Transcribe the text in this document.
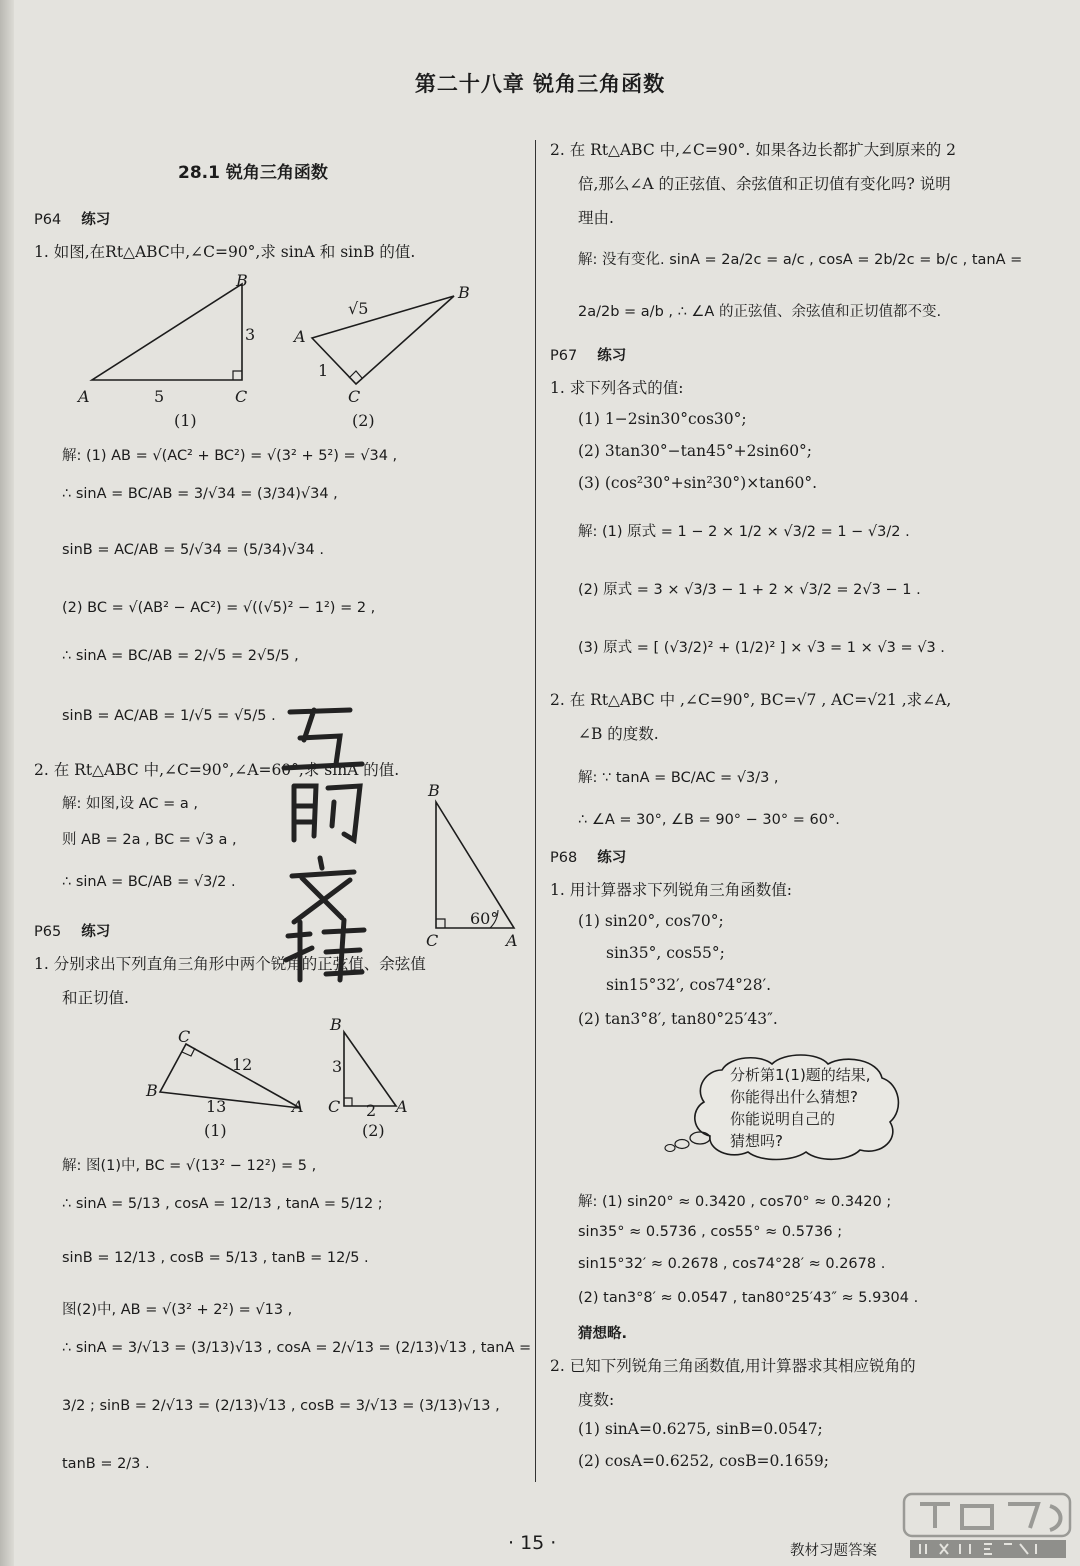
第二十八章 锐角三角函数
28.1 锐角三角函数
P64 练习
1. 如图,在Rt△ABC中,∠C=90°,求 sinA 和 sinB 的值.
B
A	C
3
5
(1)
A
B
C
√5
1
(2)
解: (1) AB = √(AC² + BC²) = √(3² + 5²) = √34 ,
∴ sinA = BC/AB = 3/√34 = (3/34)√34 ,
sinB = AC/AB = 5/√34 = (5/34)√34 .
(2) BC = √(AB² − AC²) = √((√5)² − 1²) = 2 ,
∴ sinA = BC/AB = 2/√5 = 2√5/5 ,
sinB = AC/AB = 1/√5 = √5/5 .
2. 在 Rt△ABC 中,∠C=90°,∠A=60°,求 sinA 的值.
解: 如图,设 AC = a ,
则 AB = 2a , BC = √3 a ,
∴ sinA = BC/AB = √3/2 .
B
C	A
60°
P65 练习
1. 分别求出下列直角三角形中两个锐角的正弦值、余弦值
和正切值.
C
B
A
12
13
(1)
B
C	A
3
2
(2)
解: 图(1)中, BC = √(13² − 12²) = 5 ,
∴ sinA = 5/13 , cosA = 12/13 , tanA = 5/12 ;
sinB = 12/13 , cosB = 5/13 , tanB = 12/5 .
图(2)中, AB = √(3² + 2²) = √13 ,
∴ sinA = 3/√13 = (3/13)√13 , cosA = 2/√13 = (2/13)√13 , tanA =
3/2 ; sinB = 2/√13 = (2/13)√13 , cosB = 3/√13 = (3/13)√13 ,
tanB = 2/3 .
2. 在 Rt△ABC 中,∠C=90°. 如果各边长都扩大到原来的 2
倍,那么∠A 的正弦值、余弦值和正切值有变化吗? 说明
理由.
解: 没有变化. sinA = 2a/2c = a/c , cosA = 2b/2c = b/c , tanA =
2a/2b = a/b , ∴ ∠A 的正弦值、余弦值和正切值都不变.
P67 练习
1. 求下列各式的值:
(1) 1−2sin30°cos30°;
(2) 3tan30°−tan45°+2sin60°;
(3) (cos²30°+sin²30°)×tan60°.
解: (1) 原式 = 1 − 2 × 1/2 × √3/2 = 1 − √3/2 .
(2) 原式 = 3 × √3/3 − 1 + 2 × √3/2 = 2√3 − 1 .
(3) 原式 = [ (√3/2)² + (1/2)² ] × √3 = 1 × √3 = √3 .
2. 在 Rt△ABC 中 ,∠C=90°, BC=√7 , AC=√21 ,求∠A,
∠B 的度数.
解: ∵ tanA = BC/AC = √3/3 ,
∴ ∠A = 30°, ∠B = 90° − 30° = 60°.
P68 练习
1. 用计算器求下列锐角三角函数值:
(1) sin20°, cos70°;
sin35°, cos55°;
sin15°32′, cos74°28′.
(2) tan3°8′, tan80°25′43″.
分析第1(1)题的结果,
你能得出什么猜想?
你能说明自己的
猜想吗?
解: (1) sin20° ≈ 0.3420 , cos70° ≈ 0.3420 ;
sin35° ≈ 0.5736 , cos55° ≈ 0.5736 ;
sin15°32′ ≈ 0.2678 , cos74°28′ ≈ 0.2678 .
(2) tan3°8′ ≈ 0.0547 , tan80°25′43″ ≈ 5.9304 .
猜想略.
2. 已知下列锐角三角函数值,用计算器求其相应锐角的
度数:
(1) sinA=0.6275, sinB=0.0547;
(2) cosA=0.6252, cosB=0.1659;
· 15 ·	教材习题答案
